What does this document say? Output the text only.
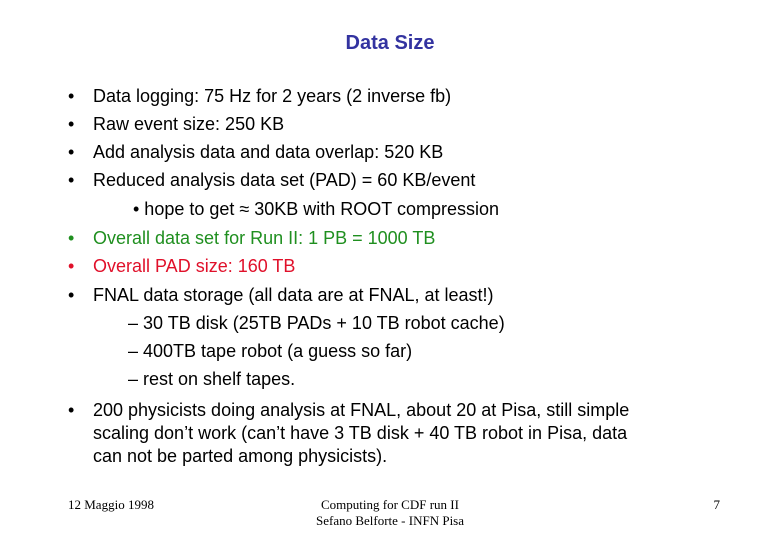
Data Size
• Data logging: 75 Hz for 2 years (2 inverse fb)
• Raw event size: 250 KB
• Add analysis data and data overlap: 520 KB
• Reduced analysis data set (PAD) = 60 KB/event
• hope to get ≈ 30KB with ROOT compression
• Overall data set for Run II: 1 PB = 1000 TB
• Overall PAD size: 160 TB
• FNAL data storage (all data are at FNAL, at least!)
– 30 TB disk (25TB PADs + 10 TB robot cache)
– 400TB tape robot (a guess so far)
– rest on shelf tapes.
• 200 physicists doing analysis at FNAL, about 20 at Pisa, still simple
scaling don’t work (can’t have 3 TB disk + 40 TB robot in Pisa, data
can not be parted among physicists).
12 Maggio 1998	Computing for CDF run II
Sefano Belforte - INFN Pisa
7
